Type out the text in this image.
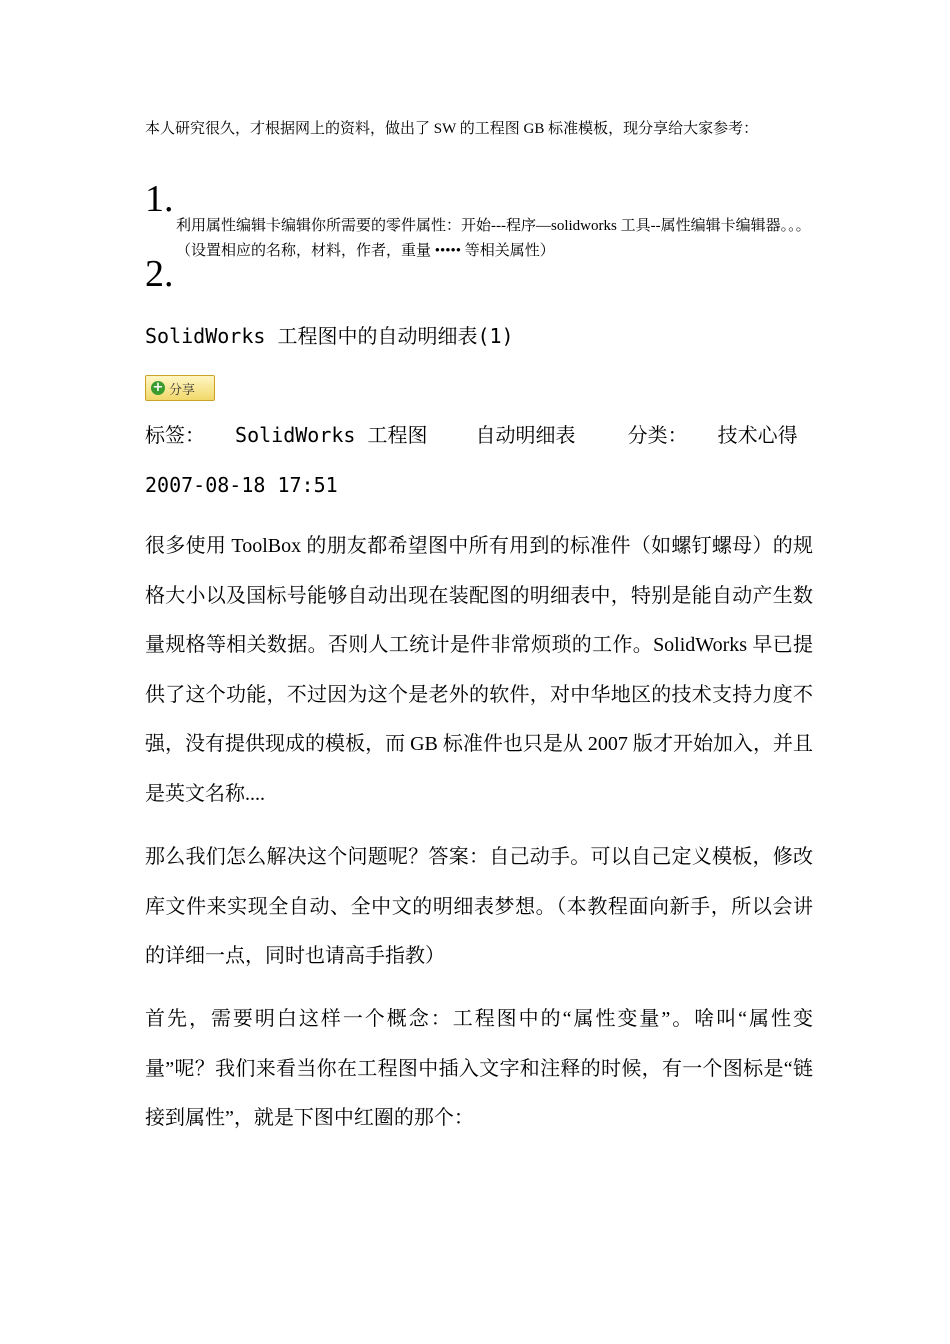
本人研究很久，才根据网上的资料，做出了 SW 的工程图 GB 标准模板，现分享给大家参考：
1.
利用属性编辑卡编辑你所需要的零件属性：开始---程序—solidworks 工具--属性编辑卡编辑器。。。（设置相应的名称，材料，作者，重量 ••••• 等相关属性）
2.
SolidWorks 工程图中的自动明细表(1)
+ 分享
标签： SolidWorks 工程图 自动明细表	分类： 技术心得
2007-08-18 17:51
很多使用 ToolBox 的朋友都希望图中所有用到的标准件（如螺钉螺母）的规格大小以及国标号能够自动出现在装配图的明细表中，特别是能自动产生数量规格等相关数据。否则人工统计是件非常烦琐的工作。SolidWorks 早已提供了这个功能，不过因为这个是老外的软件，对中华地区的技术支持力度不强，没有提供现成的模板，而 GB 标准件也只是从 2007 版才开始加入，并且是英文名称....
那么我们怎么解决这个问题呢？答案：自己动手。可以自己定义模板，修改库文件来实现全自动、全中文的明细表梦想。（本教程面向新手，所以会讲的详细一点，同时也请高手指教）
首先，需要明白这样一个概念：工程图中的“属性变量”。啥叫“属性变量”呢？我们来看当你在工程图中插入文字和注释的时候，有一个图标是“链接到属性”，就是下图中红圈的那个：
